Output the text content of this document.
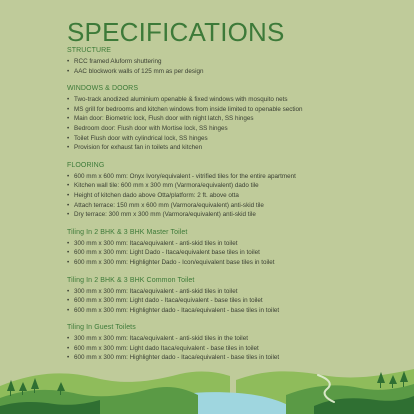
SPECIFICATIONS
STRUCTURE
• RCC framed Aluform shuttering
• AAC blockwork walls of 125 mm as per design
WINDOWS & DOORS
• Two-track anodized aluminium openable & fixed windows with mosquito nets
• MS grill for bedrooms and kitchen windows from inside limited to openable section
• Main door: Biometric lock, Flush door with night latch, SS hinges
• Bedroom door: Flush door with Mortise lock, SS hinges
• Toilet Flush door with cylindrical lock, SS hinges
• Provision for exhaust fan in toilets and kitchen
FLOORING
• 600 mm x 600 mm: Onyx Ivory/equivalent - vitrified tiles for the entire apartment
• Kitchen wall tile: 600 mm x 300 mm (Varmora/equivalent) dado tile
• Height of kitchen dado above Otta/platform: 2 ft. above otta
• Attach terrace: 150 mm x 600 mm (Varmora/equivalent) anti-skid tile
• Dry terrace: 300 mm x 300 mm (Varmora/equivalent) anti-skid tile
Tiling In 2 BHK & 3 BHK Master Toilet
• 300 mm x 300 mm: Itaca/equivalent - anti-skid tiles in toilet
• 600 mm x 300 mm: Light Dado - Itaca/equivalent base tiles in toilet
• 600 mm x 300 mm: Highlighter Dado - Icon/equivalent base tiles in toilet
Tiling In 2 BHK & 3 BHK Common Toilet
• 300 mm x 300 mm: Itaca/equivalent - anti-skid tiles in toilet
• 600 mm x 300 mm: Light dado - Itaca/equivalent - base tiles in toilet
• 600 mm x 300 mm: Highlighter dado - Itaca/equivalent - base tiles in toilet
Tiling In Guest Toilets
• 300 mm x 300 mm: Itaca/equivalent - anti-skid tiles in the toilet
• 600 mm x 300 mm: Light dado Itaca/equivalent - base tiles in toilet
•
